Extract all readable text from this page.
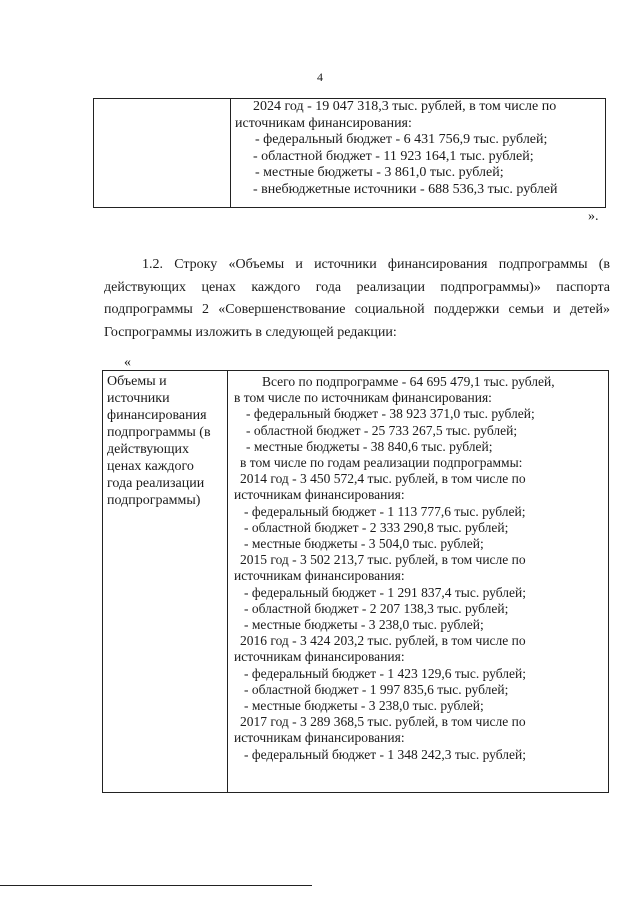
4

2024 год - 19 047 318,3 тыс. рублей, в том числе по
источникам финансирования:
- федеральный бюджет - 6 431 756,9 тыс. рублей;
- областной бюджет - 11 923 164,1 тыс. рублей;
- местные бюджеты - 3 861,0 тыс. рублей;
- внебюджетные источники - 688 536,3 тыс. рублей
».
1.2. Строку «Объемы и источники финансирования подпрограммы (в
действующих ценах каждого года реализации подпрограммы)» паспорта
подпрограммы 2 «Совершенствование социальной поддержки семьи и детей»
Госпрограммы изложить в следующей редакции:
«
Объемы и
источники
финансирования
подпрограммы (в
действующих
ценах каждого
года реализации
подпрограммы)

Всего по подпрограмме - 64 695 479,1 тыс. рублей,
в том числе по источникам финансирования:
- федеральный бюджет - 38 923 371,0 тыс. рублей;
- областной бюджет - 25 733 267,5 тыс. рублей;
- местные бюджеты - 38 840,6 тыс. рублей;
в том числе по годам реализации подпрограммы:
2014 год - 3 450 572,4 тыс. рублей, в том числе по
источникам финансирования:
- федеральный бюджет - 1 113 777,6 тыс. рублей;
- областной бюджет - 2 333 290,8 тыс. рублей;
- местные бюджеты - 3 504,0 тыс. рублей;
2015 год - 3 502 213,7 тыс. рублей, в том числе по
источникам финансирования:
- федеральный бюджет - 1 291 837,4 тыс. рублей;
- областной бюджет - 2 207 138,3 тыс. рублей;
- местные бюджеты - 3 238,0 тыс. рублей;
2016 год - 3 424 203,2 тыс. рублей, в том числе по
источникам финансирования:
- федеральный бюджет - 1 423 129,6 тыс. рублей;
- областной бюджет - 1 997 835,6 тыс. рублей;
- местные бюджеты - 3 238,0 тыс. рублей;
2017 год - 3 289 368,5 тыс. рублей, в том числе по
источникам финансирования:
- федеральный бюджет - 1 348 242,3 тыс. рублей;
